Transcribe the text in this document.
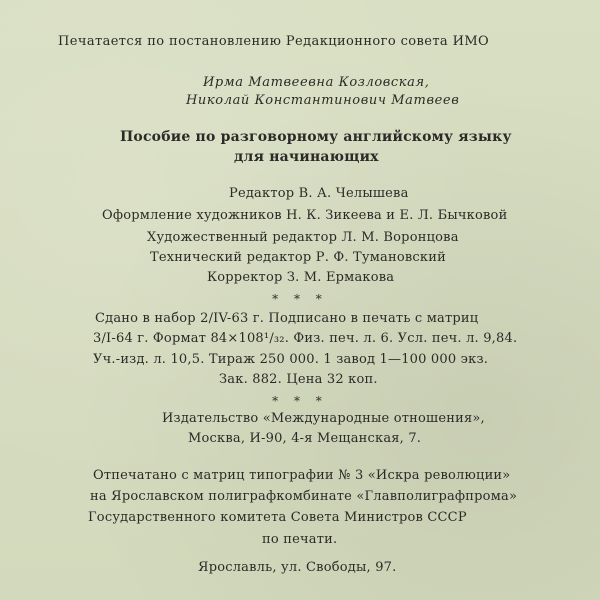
Печатается по постановлению Редакционного совета ИМО
Ирма Матвеевна Козловская,
Николай Константинович Матвеев
Пособие по разговорному английскому языку
для начинающих
Редактор В. А. Челышева
Оформление художников Н. К. Зикеева и Е. Л. Бычковой
Художественный редактор Л. М. Воронцова
Технический редактор Р. Ф. Тумановский
Корректор З. М. Ермакова
* * *
Сдано в набор 2/IV-63 г. Подписано в печать с матриц
3/I-64 г. Формат 84×108¹/₃₂. Физ. печ. л. 6. Усл. печ. л. 9,84.
Уч.-изд. л. 10,5. Тираж 250 000. 1 завод 1—100 000 экз.
Зак. 882. Цена 32 коп.
* * *
Издательство «Международные отношения»,
Москва, И-90, 4-я Мещанская, 7.
Отпечатано с матриц типографии № 3 «Искра революции»
на Ярославском полиграфкомбинате «Главполиграфпрома»
Государственного комитета Совета Министров СССР
по печати.
Ярославль, ул. Свободы, 97.
